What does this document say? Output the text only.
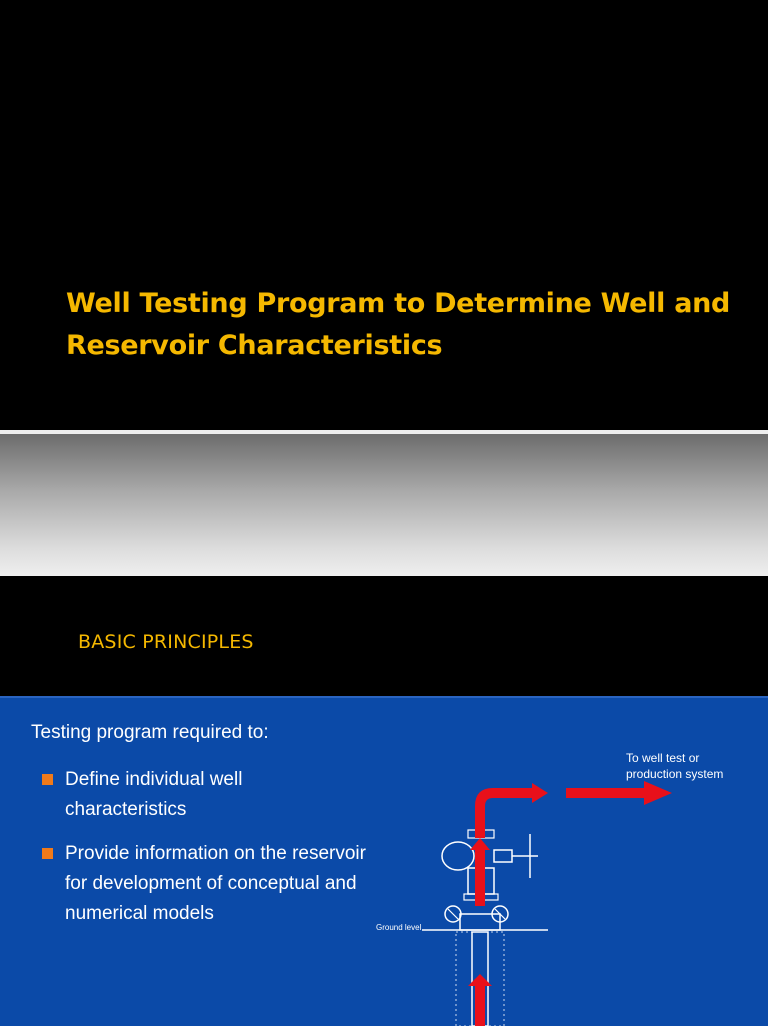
Well Testing Program to Determine Well and
Reservoir Characteristics
BASIC PRINCIPLES
Testing program required to:
Define individual well
characteristics
Provide information on the reservoir
for development of conceptual and
numerical models
To well test or
production system
Ground level
